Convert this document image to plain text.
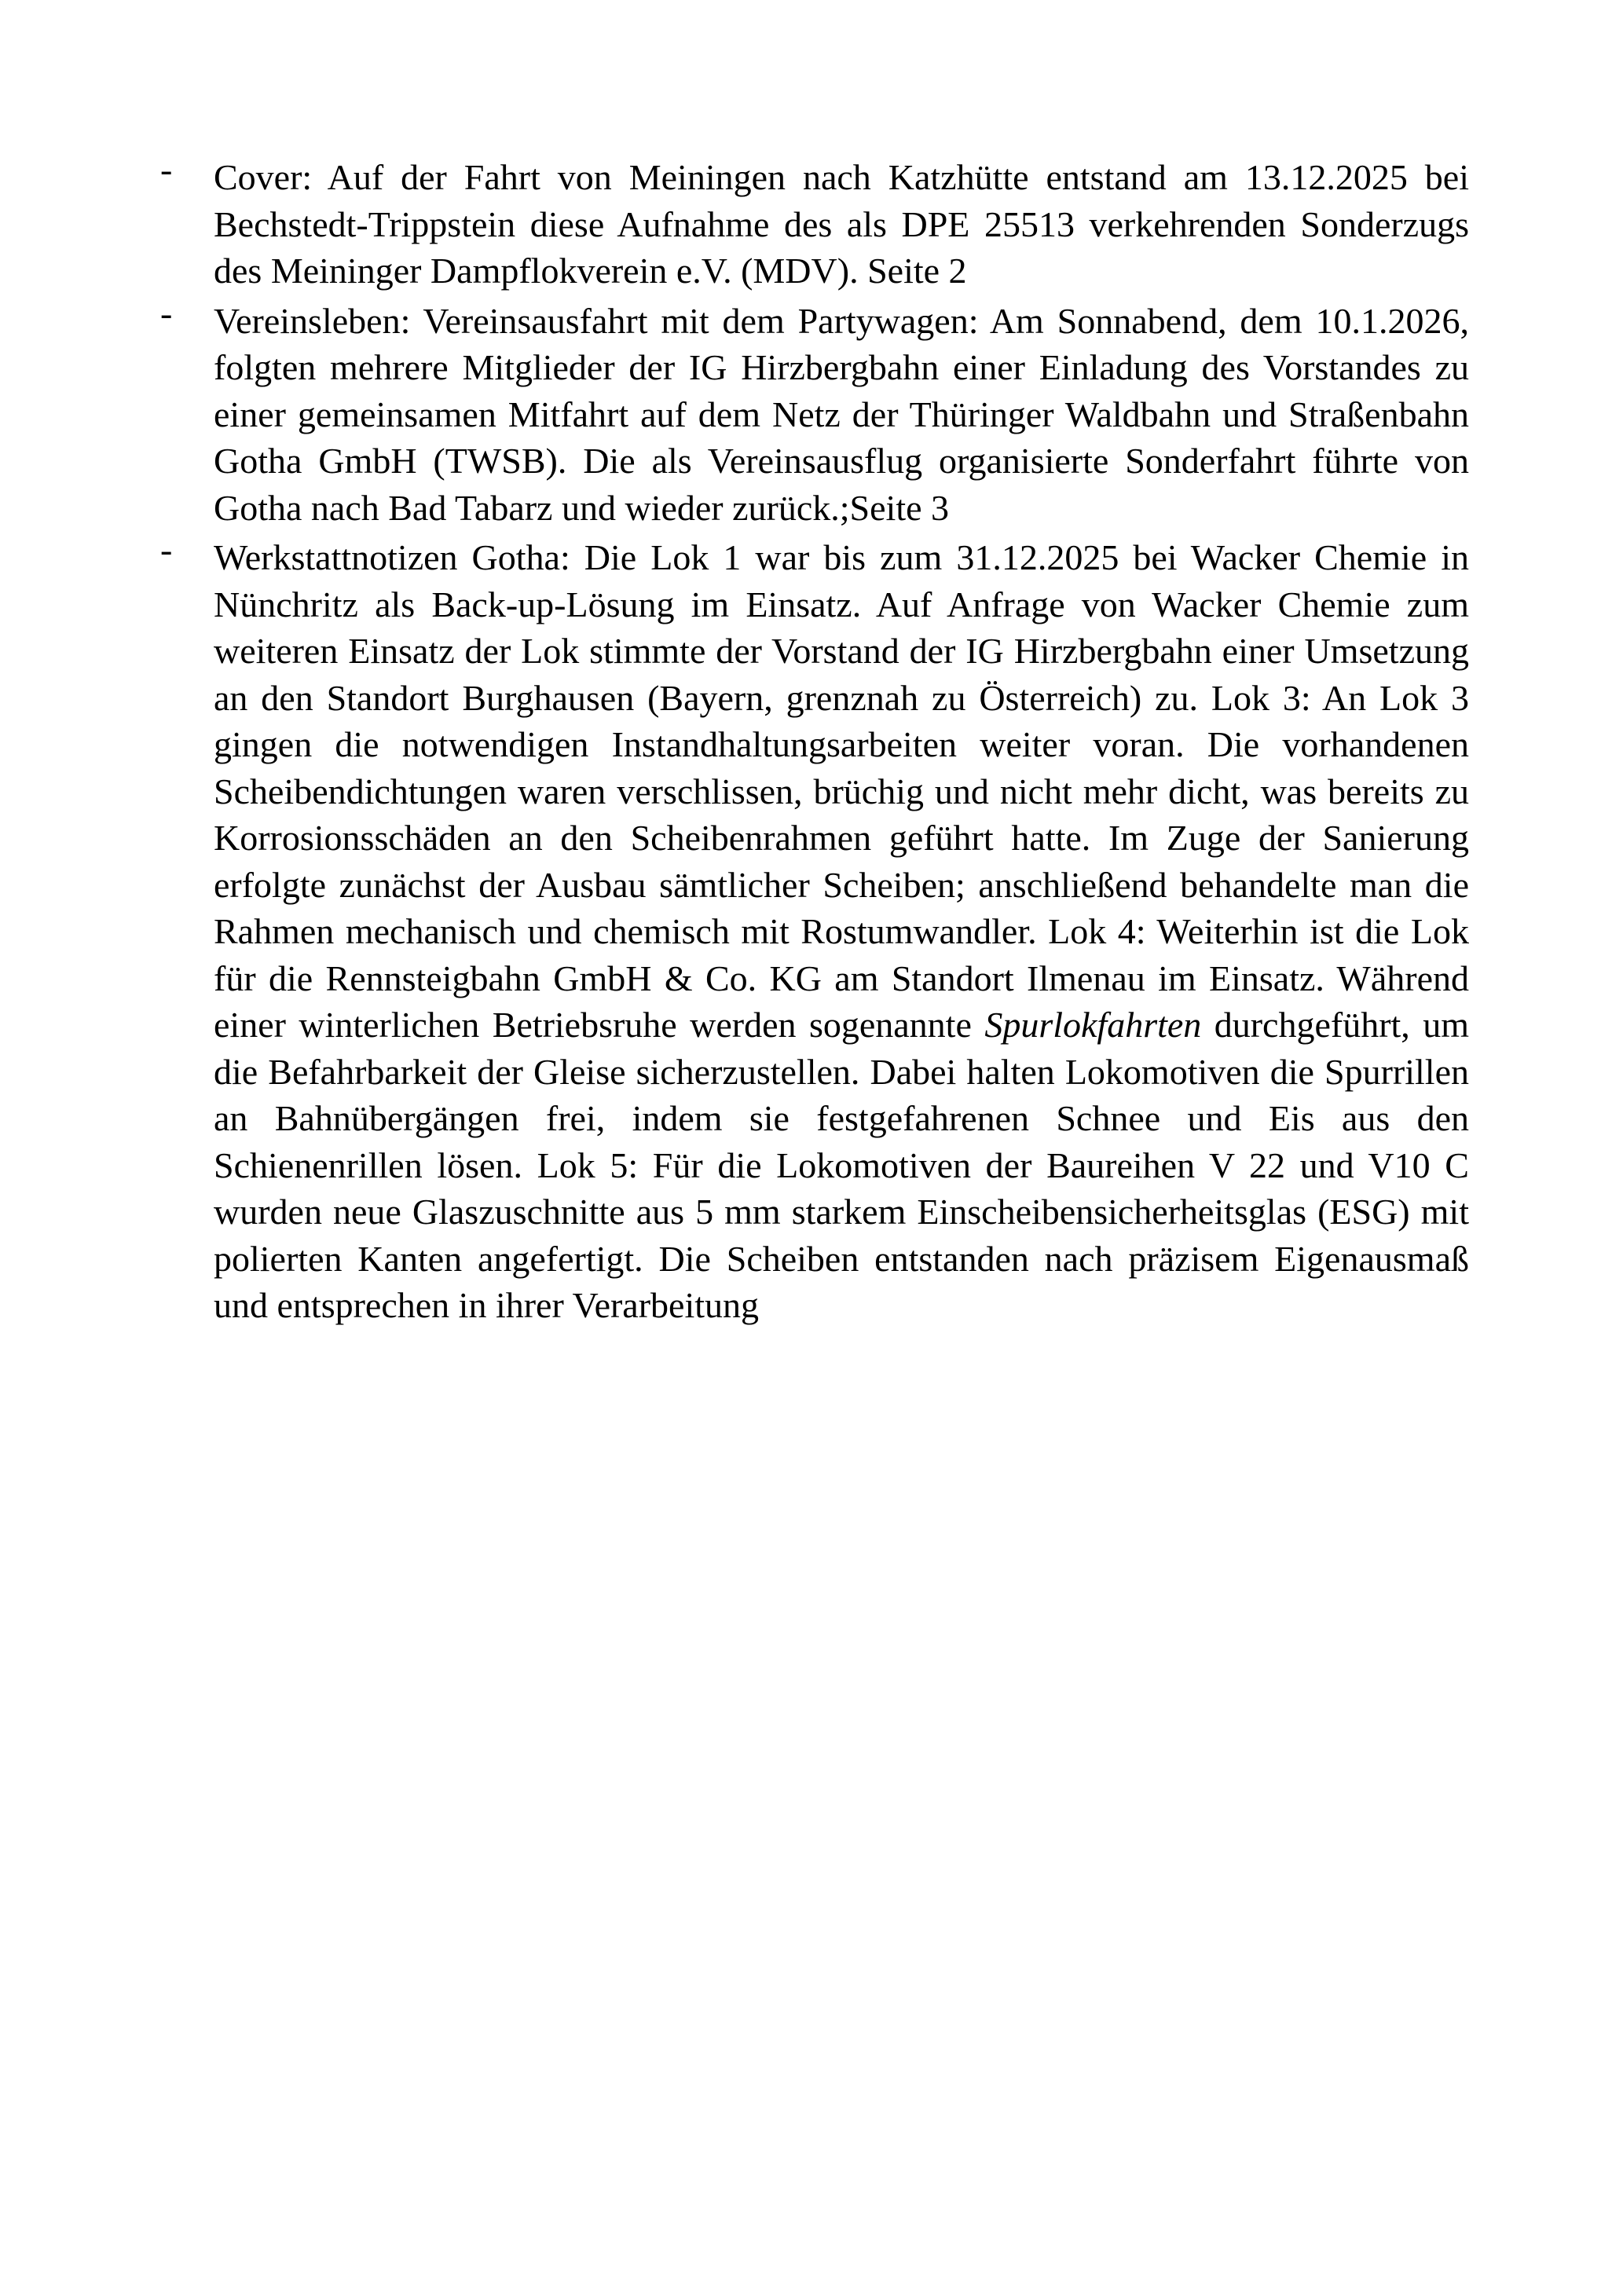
- Cover: Auf der Fahrt von Meiningen nach Katzhütte entstand am 13.12.2025 bei Bechstedt-Trippstein diese Aufnahme des als DPE 25513 verkehrenden Sonderzugs des Meininger Dampflokverein e.V. (MDV). Seite 2
- Vereinsleben: Vereinsausfahrt mit dem Partywagen: Am Sonnabend, dem 10.1.2026, folgten mehrere Mitglieder der IG Hirzbergbahn einer Einladung des Vorstandes zu einer gemeinsamen Mitfahrt auf dem Netz der Thüringer Waldbahn und Straßenbahn Gotha GmbH (TWSB). Die als Vereinsausflug organisierte Sonderfahrt führte von Gotha nach Bad Tabarz und wieder zurück.;Seite 3
- Werkstattnotizen Gotha: Die Lok 1 war bis zum 31.12.2025 bei Wacker Chemie in Nünchritz als Back-up-Lösung im Einsatz. Auf Anfrage von Wacker Chemie zum weiteren Einsatz der Lok stimmte der Vorstand der IG Hirzbergbahn einer Umsetzung an den Standort Burghausen (Bayern, grenznah zu Österreich) zu. Lok 3: An Lok 3 gingen die notwendigen Instandhaltungsarbeiten weiter voran. Die vorhandenen Scheibendichtungen waren verschlissen, brüchig und nicht mehr dicht, was bereits zu Korrosionsschäden an den Scheibenrahmen geführt hatte. Im Zuge der Sanierung erfolgte zunächst der Ausbau sämtlicher Scheiben; anschließend behandelte man die Rahmen mechanisch und chemisch mit Rostumwandler. Lok 4: Weiterhin ist die Lok für die Rennsteigbahn GmbH & Co. KG am Standort Ilmenau im Einsatz. Während einer winterlichen Betriebsruhe werden sogenannte Spurlokfahrten durchgeführt, um die Befahrbarkeit der Gleise sicherzustellen. Dabei halten Lokomotiven die Spurrillen an Bahnübergängen frei, indem sie festgefahrenen Schnee und Eis aus den Schienenrillen lösen. Lok 5: Für die Lokomotiven der Baureihen V 22 und V10 C wurden neue Glaszuschnitte aus 5 mm starkem Einscheibensicherheitsglas (ESG) mit polierten Kanten angefertigt. Die Scheiben entstanden nach präzisem Eigenausmaß und entsprechen in ihrer Verarbeitung
